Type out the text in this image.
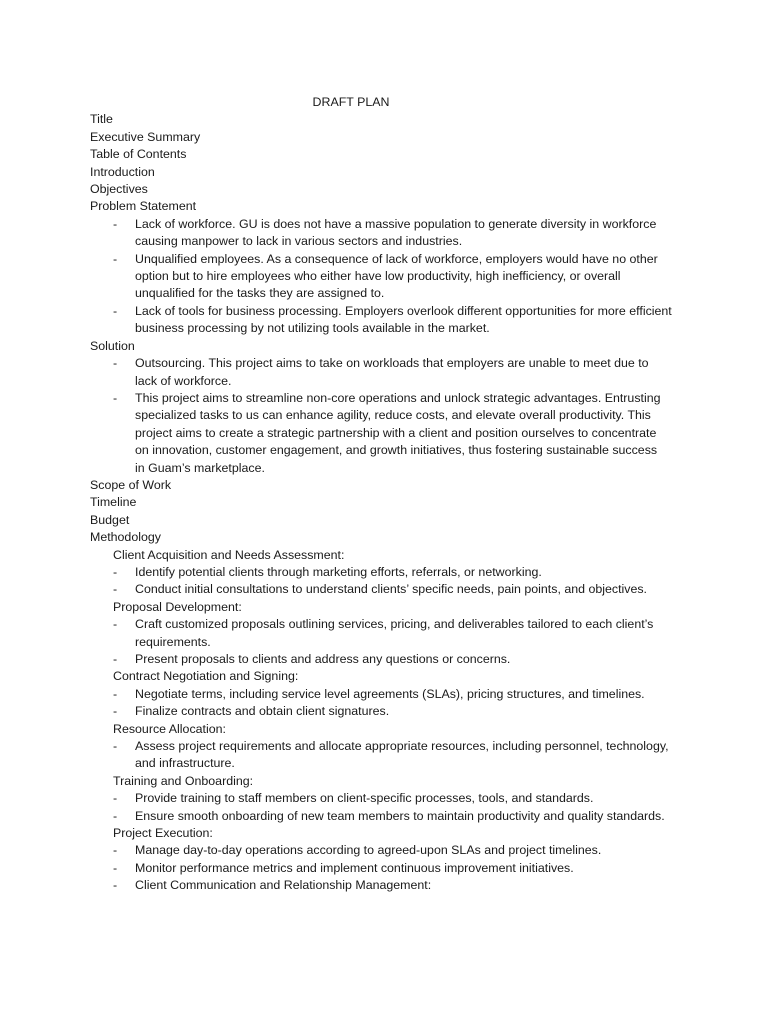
DRAFT PLAN
Title
Executive Summary
Table of Contents
Introduction
Objectives
Problem Statement
- Lack of workforce. GU is does not have a massive population to generate diversity in workforce causing manpower to lack in various sectors and industries.
- Unqualified employees. As a consequence of lack of workforce, employers would have no other option but to hire employees who either have low productivity, high inefficiency, or overall unqualified for the tasks they are assigned to.
- Lack of tools for business processing. Employers overlook different opportunities for more efficient business processing by not utilizing tools available in the market.
Solution
- Outsourcing. This project aims to take on workloads that employers are unable to meet due to lack of workforce.
- This project aims to streamline non-core operations and unlock strategic advantages. Entrusting specialized tasks to us can enhance agility, reduce costs, and elevate overall productivity. This project aims to create a strategic partnership with a client and position ourselves to concentrate on innovation, customer engagement, and growth initiatives, thus fostering sustainable success in Guam’s marketplace.
Scope of Work
Timeline
Budget
Methodology
Client Acquisition and Needs Assessment:
- Identify potential clients through marketing efforts, referrals, or networking.
- Conduct initial consultations to understand clients’ specific needs, pain points, and objectives.
Proposal Development:
- Craft customized proposals outlining services, pricing, and deliverables tailored to each client’s requirements.
- Present proposals to clients and address any questions or concerns.
Contract Negotiation and Signing:
- Negotiate terms, including service level agreements (SLAs), pricing structures, and timelines.
- Finalize contracts and obtain client signatures.
Resource Allocation:
- Assess project requirements and allocate appropriate resources, including personnel, technology, and infrastructure.
Training and Onboarding:
- Provide training to staff members on client-specific processes, tools, and standards.
- Ensure smooth onboarding of new team members to maintain productivity and quality standards.
Project Execution:
- Manage day-to-day operations according to agreed-upon SLAs and project timelines.
- Monitor performance metrics and implement continuous improvement initiatives.
- Client Communication and Relationship Management:
